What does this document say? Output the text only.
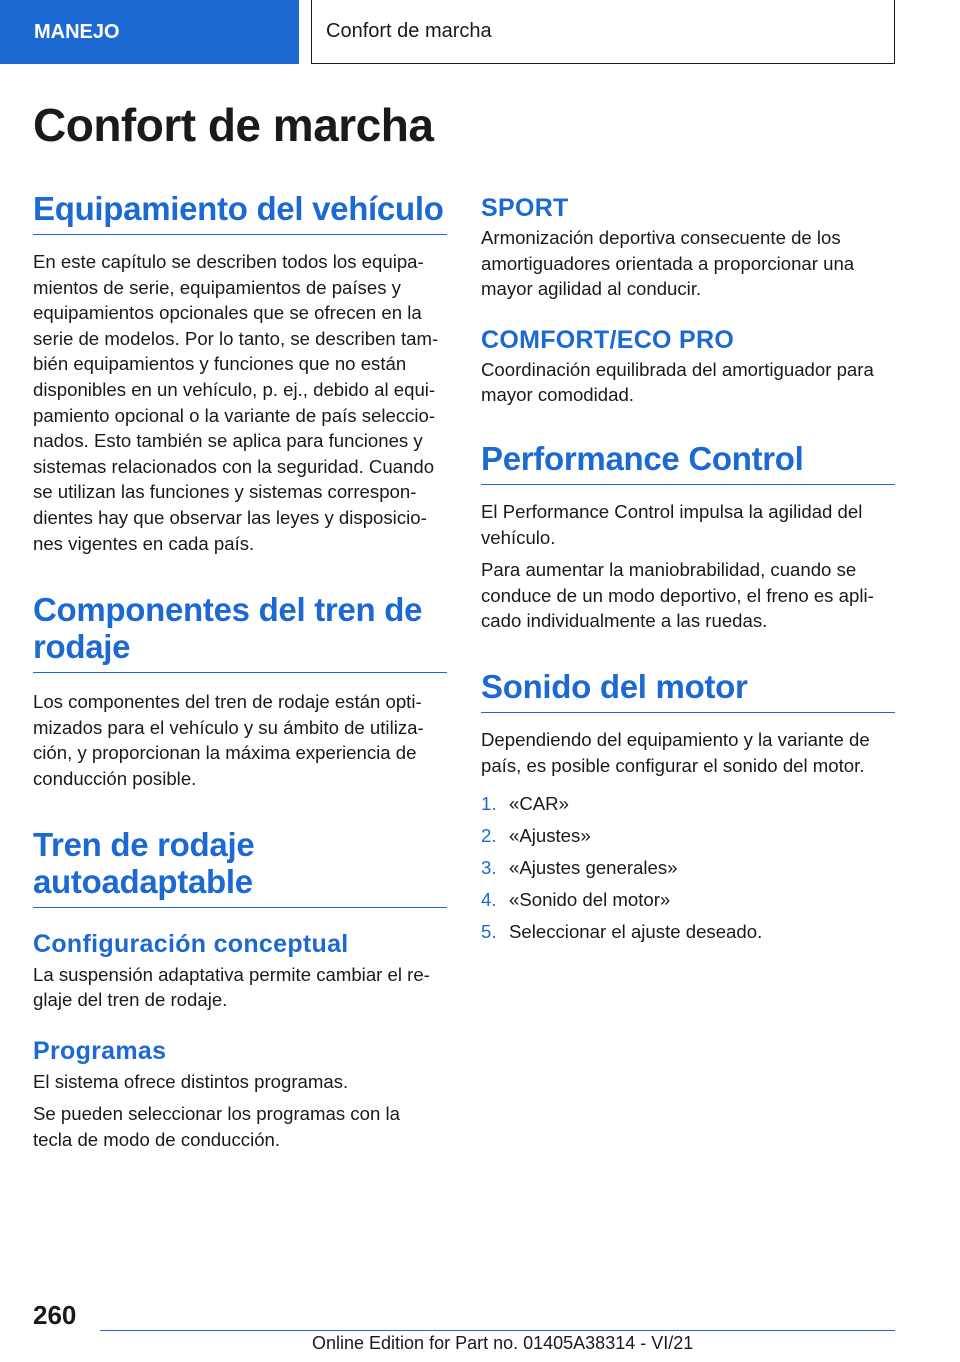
MANEJO	Confort de marcha
Confort de marcha
Equipamiento del vehículo

En este capítulo se describen todos los equipa-
mientos de serie, equipamientos de países y
equipamientos opcionales que se ofrecen en la
serie de modelos. Por lo tanto, se describen tam-
bién equipamientos y funciones que no están
disponibles en un vehículo, p. ej., debido al equi-
pamiento opcional o la variante de país seleccio-
nados. Esto también se aplica para funciones y
sistemas relacionados con la seguridad. Cuando
se utilizan las funciones y sistemas correspon-
dientes hay que observar las leyes y disposicio-
nes vigentes en cada país.

Componentes del tren de
rodaje

Los componentes del tren de rodaje están opti-
mizados para el vehículo y su ámbito de utiliza-
ción, y proporcionan la máxima experiencia de
conducción posible.

Tren de rodaje
autoadaptable
Configuración conceptual

La suspensión adaptativa permite cambiar el re-
glaje del tren de rodaje.

Programas

El sistema ofrece distintos programas.

Se pueden seleccionar los programas con la
tecla de modo de conducción.

SPORT

Armonización deportiva consecuente de los
amortiguadores orientada a proporcionar una
mayor agilidad al conducir.

COMFORT/ECO PRO

Coordinación equilibrada del amortiguador para
mayor comodidad.

Performance Control

El Performance Control impulsa la agilidad del
vehículo.

Para aumentar la maniobrabilidad, cuando se
conduce de un modo deportivo, el freno es apli-
cado individualmente a las ruedas.

Sonido del motor

Dependiendo del equipamiento y la variante de
país, es posible configurar el sonido del motor.

1. «CAR»
2. «Ajustes»
3. «Ajustes generales»
4. «Sonido del motor»
5. Seleccionar el ajuste deseado.
260
Online Edition for Part no. 01405A38314 - VI/21
